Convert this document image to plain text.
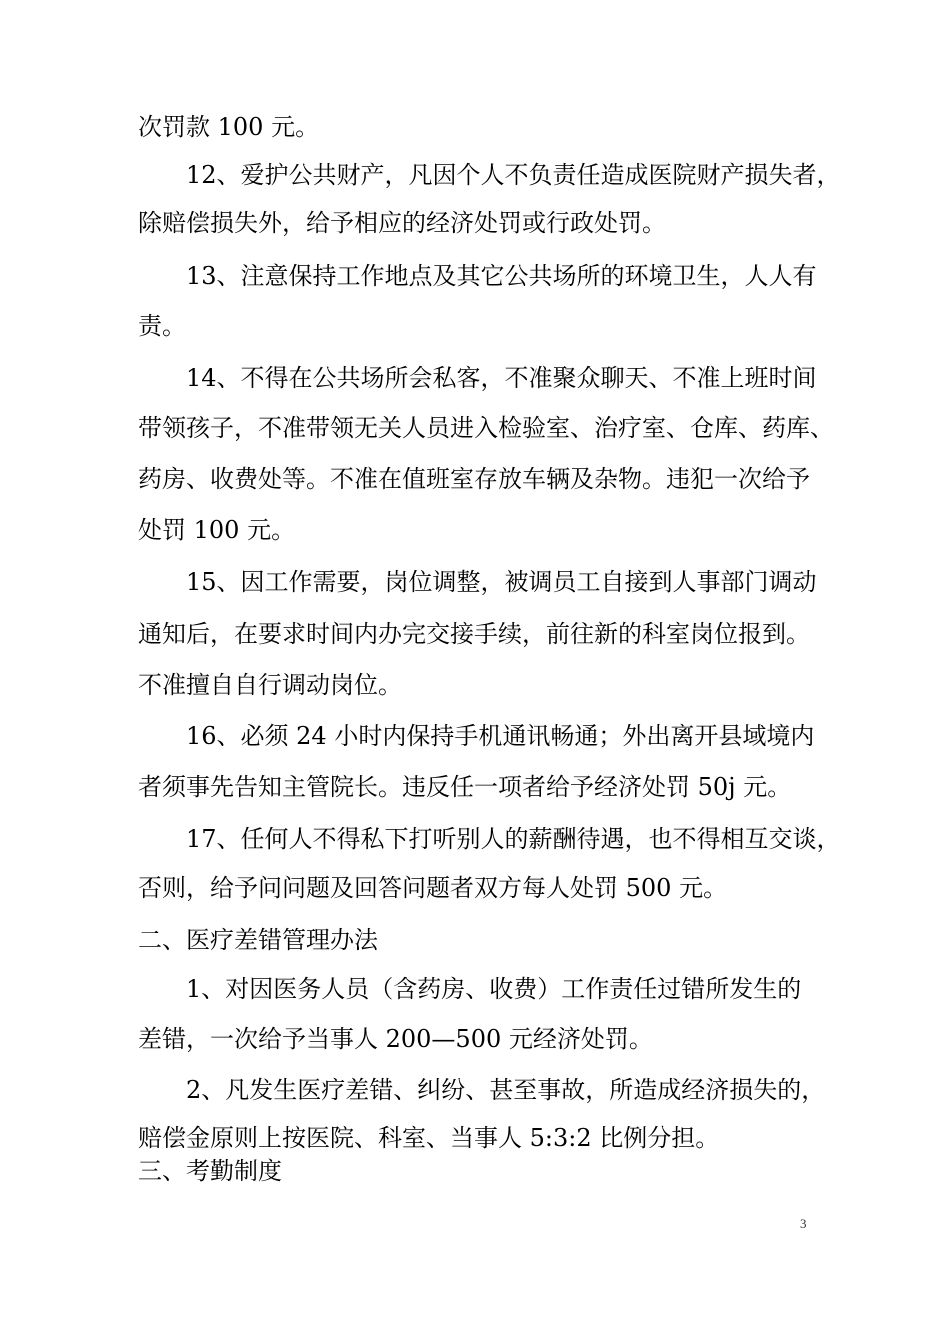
次罚款 100 元。
12、爱护公共财产，凡因个人不负责任造成医院财产损失者，
除赔偿损失外，给予相应的经济处罚或行政处罚。
13、注意保持工作地点及其它公共场所的环境卫生，人人有
责。
14、不得在公共场所会私客，不准聚众聊天、不准上班时间
带领孩子，不准带领无关人员进入检验室、治疗室、仓库、药库、
药房、收费处等。不准在值班室存放车辆及杂物。违犯一次给予
处罚 100 元。
15、因工作需要，岗位调整，被调员工自接到人事部门调动
通知后，在要求时间内办完交接手续，前往新的科室岗位报到。
不准擅自自行调动岗位。
16、必须 24 小时内保持手机通讯畅通；外出离开县域境内
者须事先告知主管院长。违反任一项者给予经济处罚 50j 元。
17、任何人不得私下打听别人的薪酬待遇，也不得相互交谈，
否则，给予问问题及回答问题者双方每人处罚 500 元。
二、医疗差错管理办法
1、对因医务人员（含药房、收费）工作责任过错所发生的
差错，一次给予当事人 200—500 元经济处罚。
2、凡发生医疗差错、纠纷、甚至事故，所造成经济损失的，
赔偿金原则上按医院、科室、当事人 5:3:2 比例分担。
三、考勤制度
3
